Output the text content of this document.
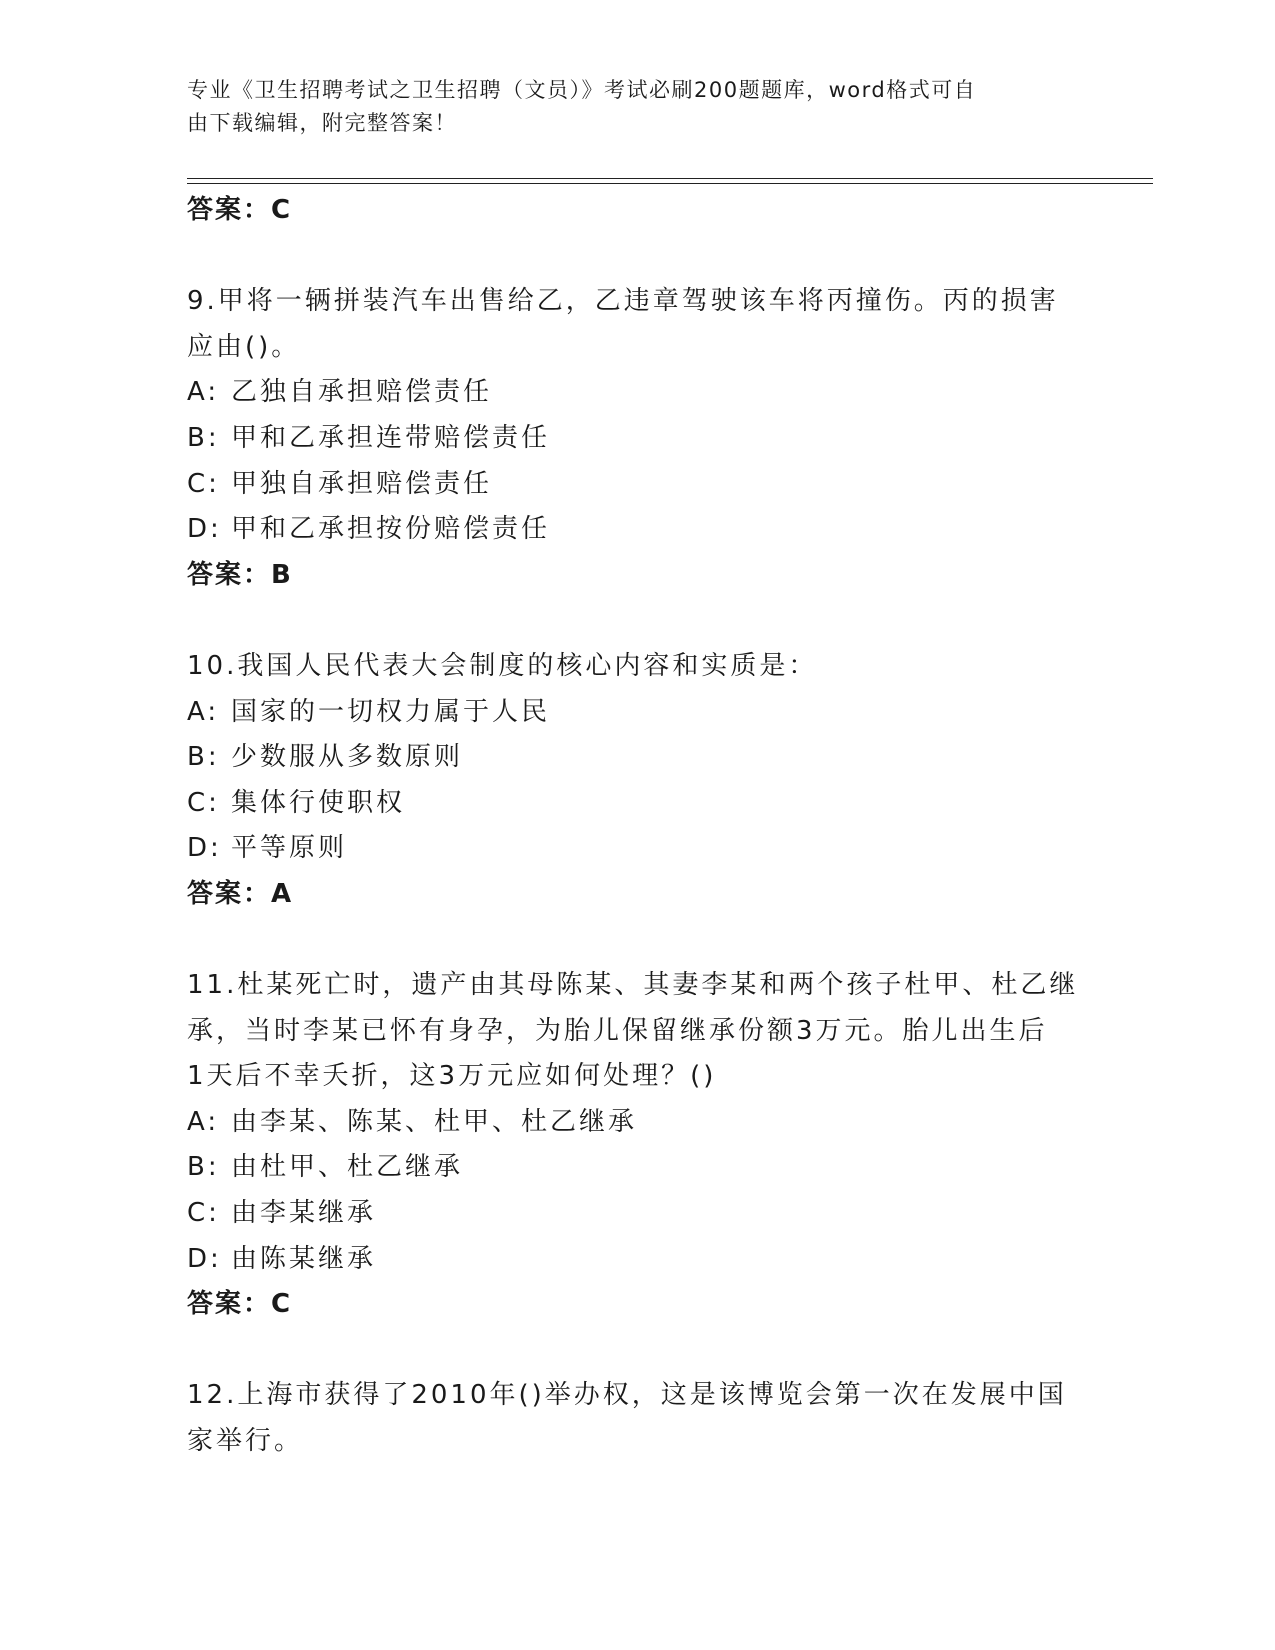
专业《卫生招聘考试之卫生招聘（文员）》考试必刷200题题库，word格式可自
由下载编辑，附完整答案！
答案：C
9.甲将一辆拼装汽车出售给乙，乙违章驾驶该车将丙撞伤。丙的损害
应由()。
A: 乙独自承担赔偿责任
B: 甲和乙承担连带赔偿责任
C: 甲独自承担赔偿责任
D: 甲和乙承担按份赔偿责任
答案：B
10.我国人民代表大会制度的核心内容和实质是：
A: 国家的一切权力属于人民
B: 少数服从多数原则
C: 集体行使职权
D: 平等原则
答案：A
11.杜某死亡时，遗产由其母陈某、其妻李某和两个孩子杜甲、杜乙继
承，当时李某已怀有身孕，为胎儿保留继承份额3万元。胎儿出生后
1天后不幸夭折，这3万元应如何处理？()
A: 由李某、陈某、杜甲、杜乙继承
B: 由杜甲、杜乙继承
C: 由李某继承
D: 由陈某继承
答案：C
12.上海市获得了2010年()举办权，这是该博览会第一次在发展中国
家举行。
